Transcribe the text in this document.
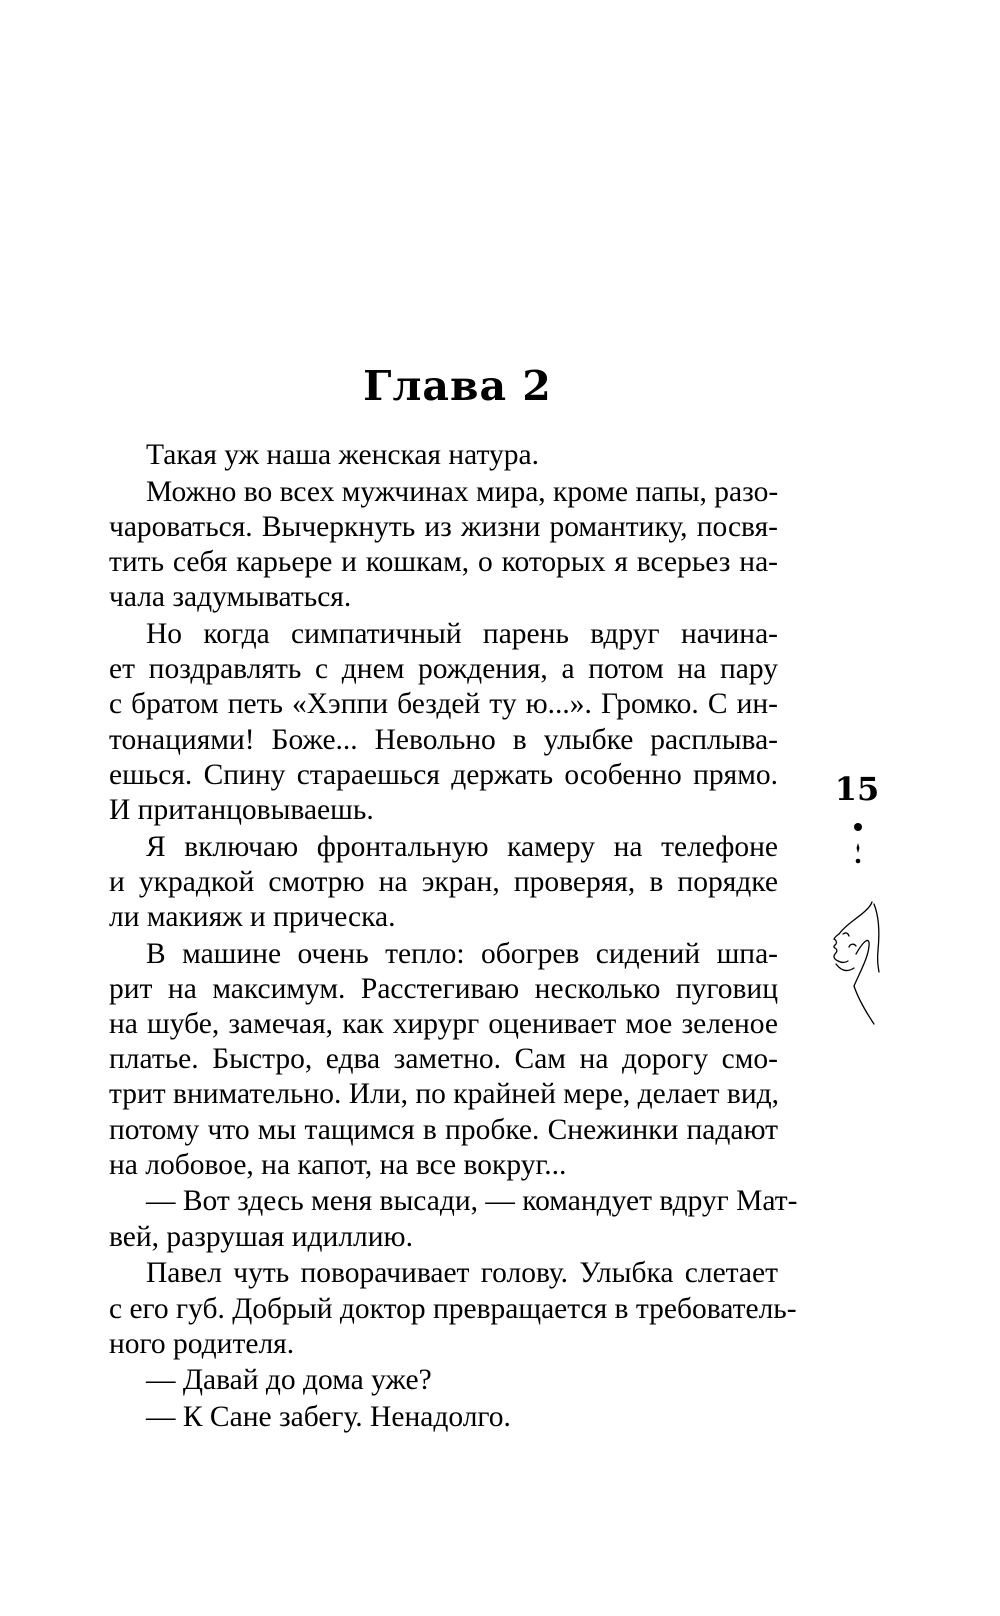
Глава 2
Такая уж наша женская натура.
Можно во всех мужчинах мира, кроме папы, разо-
чароваться. Вычеркнуть из жизни романтику, посвя-
тить себя карьере и кошкам, о которых я всерьез на-
чала задумываться.
Но когда симпатичный парень вдруг начина-
ет поздравлять с днем рождения, а потом на пару
с братом петь «Хэппи бездей ту ю...». Громко. С ин-
тонациями! Боже... Невольно в улыбке расплыва-
ешься. Спину стараешься держать особенно прямо.
И пританцовываешь.
Я включаю фронтальную камеру на телефоне
и украдкой смотрю на экран, проверяя, в порядке
ли макияж и прическа.
В машине очень тепло: обогрев сидений шпа-
рит на максимум. Расстегиваю несколько пуговиц
на шубе, замечая, как хирург оценивает мое зеленое
платье. Быстро, едва заметно. Сам на дорогу смо-
трит внимательно. Или, по крайней мере, делает вид,
потому что мы тащимся в пробке. Снежинки падают
на лобовое, на капот, на все вокруг...
— Вот здесь меня высади, — командует вдруг Мат-
вей, разрушая идиллию.
Павел чуть поворачивает голову. Улыбка слетает
с его губ. Добрый доктор превращается в требователь-
ного родителя.
— Давай до дома уже?
— К Сане забегу. Ненадолго.
15
